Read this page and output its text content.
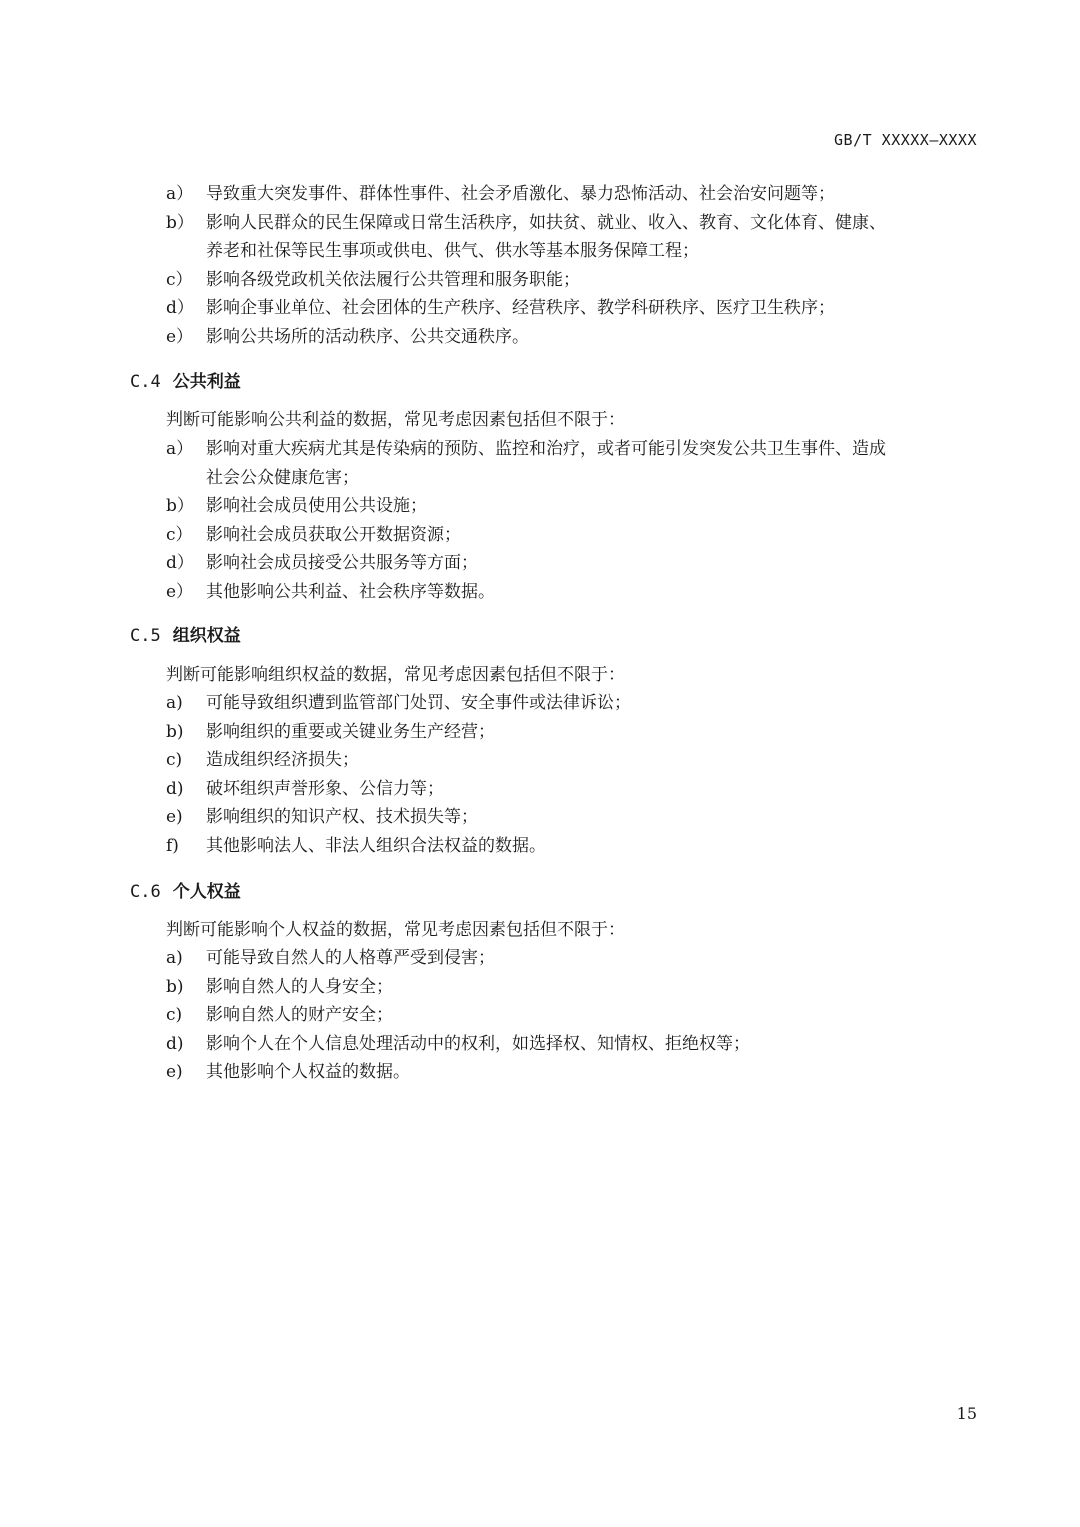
GB/T XXXXX—XXXX
a） 导致重大突发事件、群体性事件、社会矛盾激化、暴力恐怖活动、社会治安问题等；
b） 影响人民群众的民生保障或日常生活秩序，如扶贫、就业、收入、教育、文化体育、健康、
养老和社保等民生事项或供电、供气、供水等基本服务保障工程；
c） 影响各级党政机关依法履行公共管理和服务职能；
d） 影响企事业单位、社会团体的生产秩序、经营秩序、教学科研秩序、医疗卫生秩序；
e） 影响公共场所的活动秩序、公共交通秩序。
C.4 公共利益
判断可能影响公共利益的数据，常见考虑因素包括但不限于：
a） 影响对重大疾病尤其是传染病的预防、监控和治疗，或者可能引发突发公共卫生事件、造成
社会公众健康危害；
b） 影响社会成员使用公共设施；
c） 影响社会成员获取公开数据资源；
d） 影响社会成员接受公共服务等方面；
e） 其他影响公共利益、社会秩序等数据。
C.5 组织权益
判断可能影响组织权益的数据，常见考虑因素包括但不限于：
a) 可能导致组织遭到监管部门处罚、安全事件或法律诉讼；
b) 影响组织的重要或关键业务生产经营；
c) 造成组织经济损失；
d) 破坏组织声誉形象、公信力等；
e) 影响组织的知识产权、技术损失等；
f) 其他影响法人、非法人组织合法权益的数据。
C.6 个人权益
判断可能影响个人权益的数据，常见考虑因素包括但不限于：
a) 可能导致自然人的人格尊严受到侵害；
b) 影响自然人的人身安全；
c) 影响自然人的财产安全；
d) 影响个人在个人信息处理活动中的权利，如选择权、知情权、拒绝权等；
e) 其他影响个人权益的数据。
15
